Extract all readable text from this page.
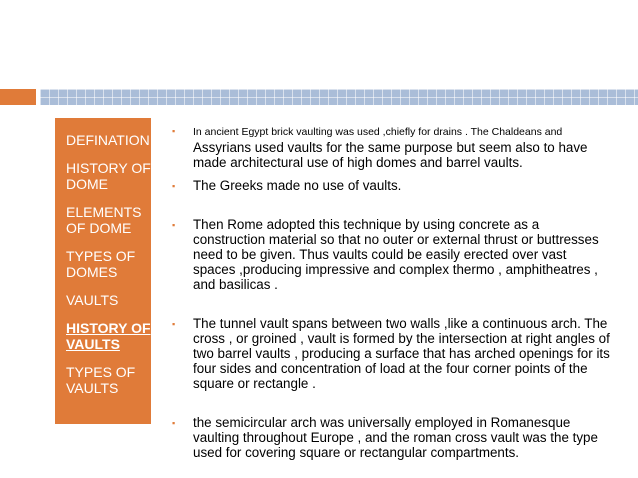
DEFINATION
HISTORY OF DOME
ELEMENTS OF DOME
TYPES OF DOMES
VAULTS
HISTORY OF VAULTS
TYPES OF VAULTS
▪ In ancient Egypt brick vaulting was used ,chiefly for drains . The Chaldeans and Assyrians used vaults for the same purpose but seem also to have made architectural use of high domes and barrel vaults.
▪ The Greeks made no use of vaults.
▪ Then Rome adopted this technique by using concrete as a construction material so that no outer or external thrust or buttresses need to be given. Thus vaults could be easily erected over vast spaces ,producing impressive and complex thermo , amphitheatres , and basilicas .
▪ The tunnel vault spans between two walls ,like a continuous arch. The cross , or groined , vault is formed by the intersection at right angles of two barrel vaults , producing a surface that has arched openings for its four sides and concentration of load at the four corner points of the square or rectangle .
▪ the semicircular arch was universally employed in Romanesque vaulting throughout Europe , and the roman cross vault was the type used for covering square or rectangular compartments.
